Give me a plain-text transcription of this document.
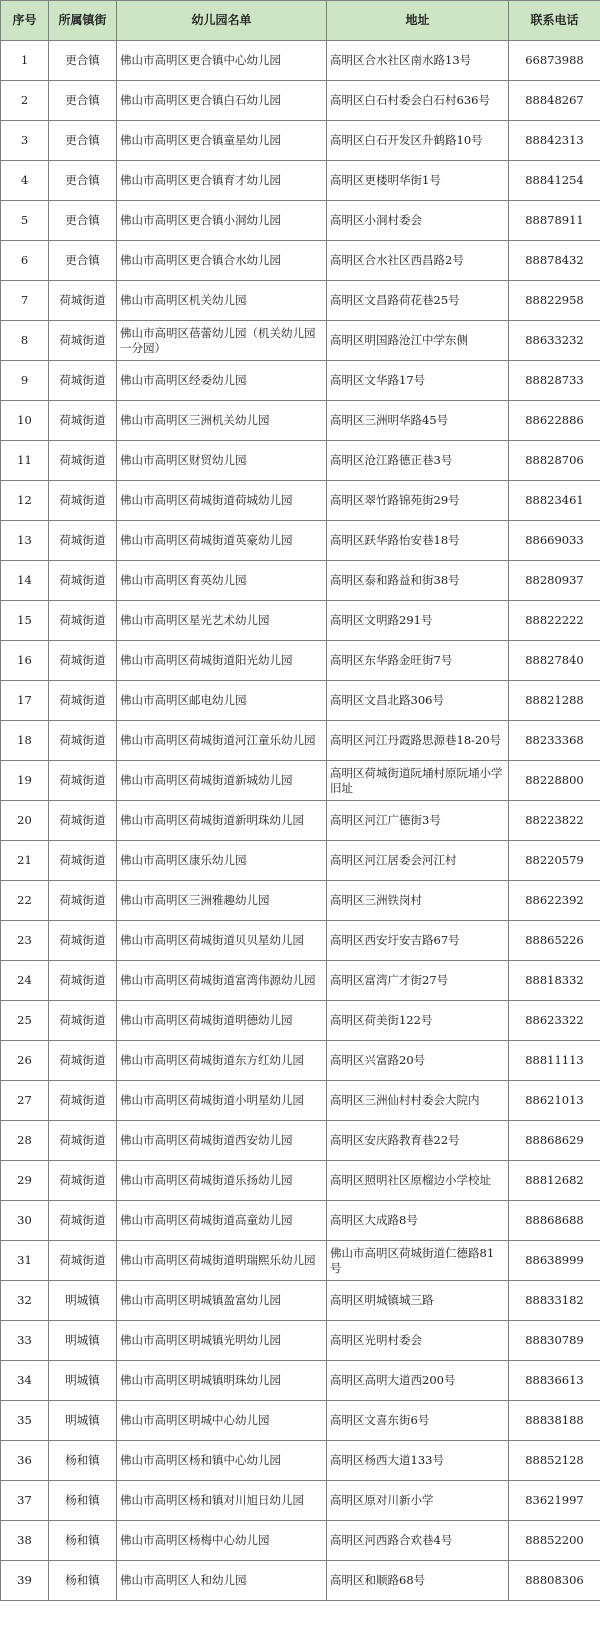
序号	所属镇街	幼儿园名单	地址	联系电话
1	更合镇	佛山市高明区更合镇中心幼儿园	高明区合水社区南水路13号	66873988
2	更合镇	佛山市高明区更合镇白石幼儿园	高明区白石村委会白石村636号	88848267
3	更合镇	佛山市高明区更合镇童星幼儿园	高明区白石开发区升鹤路10号	88842313
4	更合镇	佛山市高明区更合镇育才幼儿园	高明区更楼明华街1号	88841254
5	更合镇	佛山市高明区更合镇小洞幼儿园	高明区小洞村委会	88878911
6	更合镇	佛山市高明区更合镇合水幼儿园	高明区合水社区西昌路2号	88878432
7	荷城街道	佛山市高明区机关幼儿园	高明区文昌路荷花巷25号	88822958
8	荷城街道	佛山市高明区蓓蕾幼儿园（机关幼儿园一分园）	高明区明国路沧江中学东侧	88633232
9	荷城街道	佛山市高明区经委幼儿园	高明区文华路17号	88828733
10	荷城街道	佛山市高明区三洲机关幼儿园	高明区三洲明华路45号	88622886
11	荷城街道	佛山市高明区财贸幼儿园	高明区沧江路德正巷3号	88828706
12	荷城街道	佛山市高明区荷城街道荷城幼儿园	高明区翠竹路锦苑街29号	88823461
13	荷城街道	佛山市高明区荷城街道英豪幼儿园	高明区跃华路怡安巷18号	88669033
14	荷城街道	佛山市高明区育英幼儿园	高明区泰和路益和街38号	88280937
15	荷城街道	佛山市高明区星光艺术幼儿园	高明区文明路291号	88822222
16	荷城街道	佛山市高明区荷城街道阳光幼儿园	高明区东华路金旺街7号	88827840
17	荷城街道	佛山市高明区邮电幼儿园	高明区文昌北路306号	88821288
18	荷城街道	佛山市高明区荷城街道河江童乐幼儿园	高明区河江丹霞路思源巷18-20号	88233368
19	荷城街道	佛山市高明区荷城街道新城幼儿园	高明区荷城街道阮埇村原阮埇小学旧址	88228800
20	荷城街道	佛山市高明区荷城街道新明珠幼儿园	高明区河江广德街3号	88223822
21	荷城街道	佛山市高明区康乐幼儿园	高明区河江居委会河江村	88220579
22	荷城街道	佛山市高明区三洲雅趣幼儿园	高明区三洲铁岗村	88622392
23	荷城街道	佛山市高明区荷城街道贝贝星幼儿园	高明区西安圩安吉路67号	88865226
24	荷城街道	佛山市高明区荷城街道富湾伟源幼儿园	高明区富湾广才街27号	88818332
25	荷城街道	佛山市高明区荷城街道明德幼儿园	高明区荷美街122号	88623322
26	荷城街道	佛山市高明区荷城街道东方红幼儿园	高明区兴富路20号	88811113
27	荷城街道	佛山市高明区荷城街道小明星幼儿园	高明区三洲仙村村委会大院内	88621013
28	荷城街道	佛山市高明区荷城街道西安幼儿园	高明区安庆路教育巷22号	88868629
29	荷城街道	佛山市高明区荷城街道乐扬幼儿园	高明区照明社区原榴边小学校址	88812682
30	荷城街道	佛山市高明区荷城街道高童幼儿园	高明区大成路8号	88868688
31	荷城街道	佛山市高明区荷城街道明瑞熙乐幼儿园	佛山市高明区荷城街道仁德路81号	88638999
32	明城镇	佛山市高明区明城镇盈富幼儿园	高明区明城镇城三路	88833182
33	明城镇	佛山市高明区明城镇光明幼儿园	高明区光明村委会	88830789
34	明城镇	佛山市高明区明城镇明珠幼儿园	高明区高明大道西200号	88836613
35	明城镇	佛山市高明区明城中心幼儿园	高明区文喜东街6号	88838188
36	杨和镇	佛山市高明区杨和镇中心幼儿园	高明区杨西大道133号	88852128
37	杨和镇	佛山市高明区杨和镇对川旭日幼儿园	高明区原对川新小学	83621997
38	杨和镇	佛山市高明区杨梅中心幼儿园	高明区河西路合欢巷4号	88852200
39	杨和镇	佛山市高明区人和幼儿园	高明区和顺路68号	88808306
